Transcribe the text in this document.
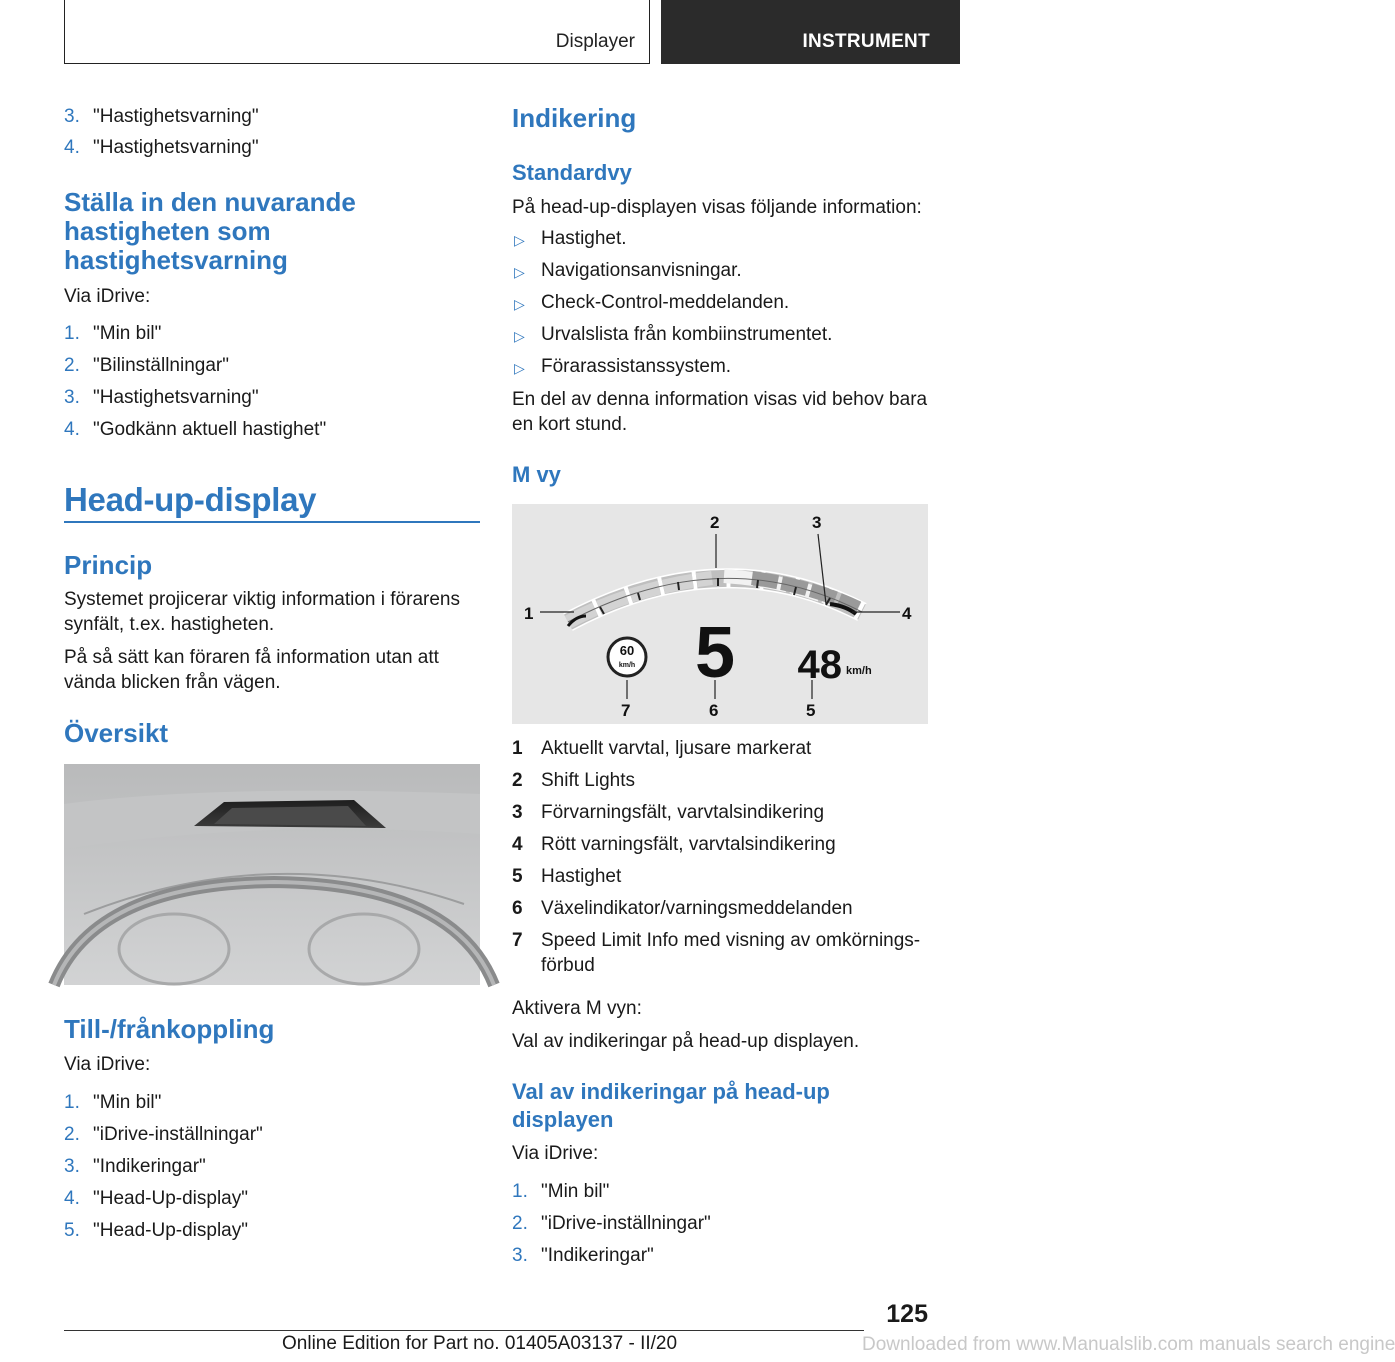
Displayer	INSTRUMENT
3. "Hastighetsvarning"
4. "Hastighetsvarning"
Ställa in den nuvarande
hastigheten som
hastighetsvarning
Via iDrive:
1. "Min bil"
2. "Bilinställningar"
3. "Hastighetsvarning"
4. "Godkänn aktuell hastighet"
Head-up-display
Princip
Systemet projicerar viktig information i förarens
synfält, t.ex. hastigheten.
På så sätt kan föraren få information utan att
vända blicken från vägen.
Översikt
Till-/frånkoppling
Via iDrive:
1. "Min bil"
2. "iDrive-inställningar"
3. "Indikeringar"
4. "Head-Up-display"
5. "Head-Up-display"
Indikering
Standardvy
På head-up-displayen visas följande information:
▷ Hastighet.
▷ Navigationsanvisningar.
▷ Check-Control-meddelanden.
▷ Urvalslista från kombiinstrumentet.
▷ Förarassistanssystem.
En del av denna information visas vid behov bara
en kort stund.
M vy
60
km/h 5 48 km/h
1
2	3
4
5
6
7
1 Aktuellt varvtal, ljusare markerat
2 Shift Lights
3 Förvarningsfält, varvtalsindikering
4 Rött varningsfält, varvtalsindikering
5 Hastighet
6 Växelindikator/varningsmeddelanden
7 Speed Limit Info med visning av omkörnings-
förbud
Aktivera M vyn:
Val av indikeringar på head-up displayen.
Val av indikeringar på head-up
displayen
Via iDrive:
1. "Min bil"
2. "iDrive-inställningar"
3. "Indikeringar"
125
Online Edition for Part no. 01405A03137 - II/20	Downloaded from www.Manualslib.com manuals search engine
